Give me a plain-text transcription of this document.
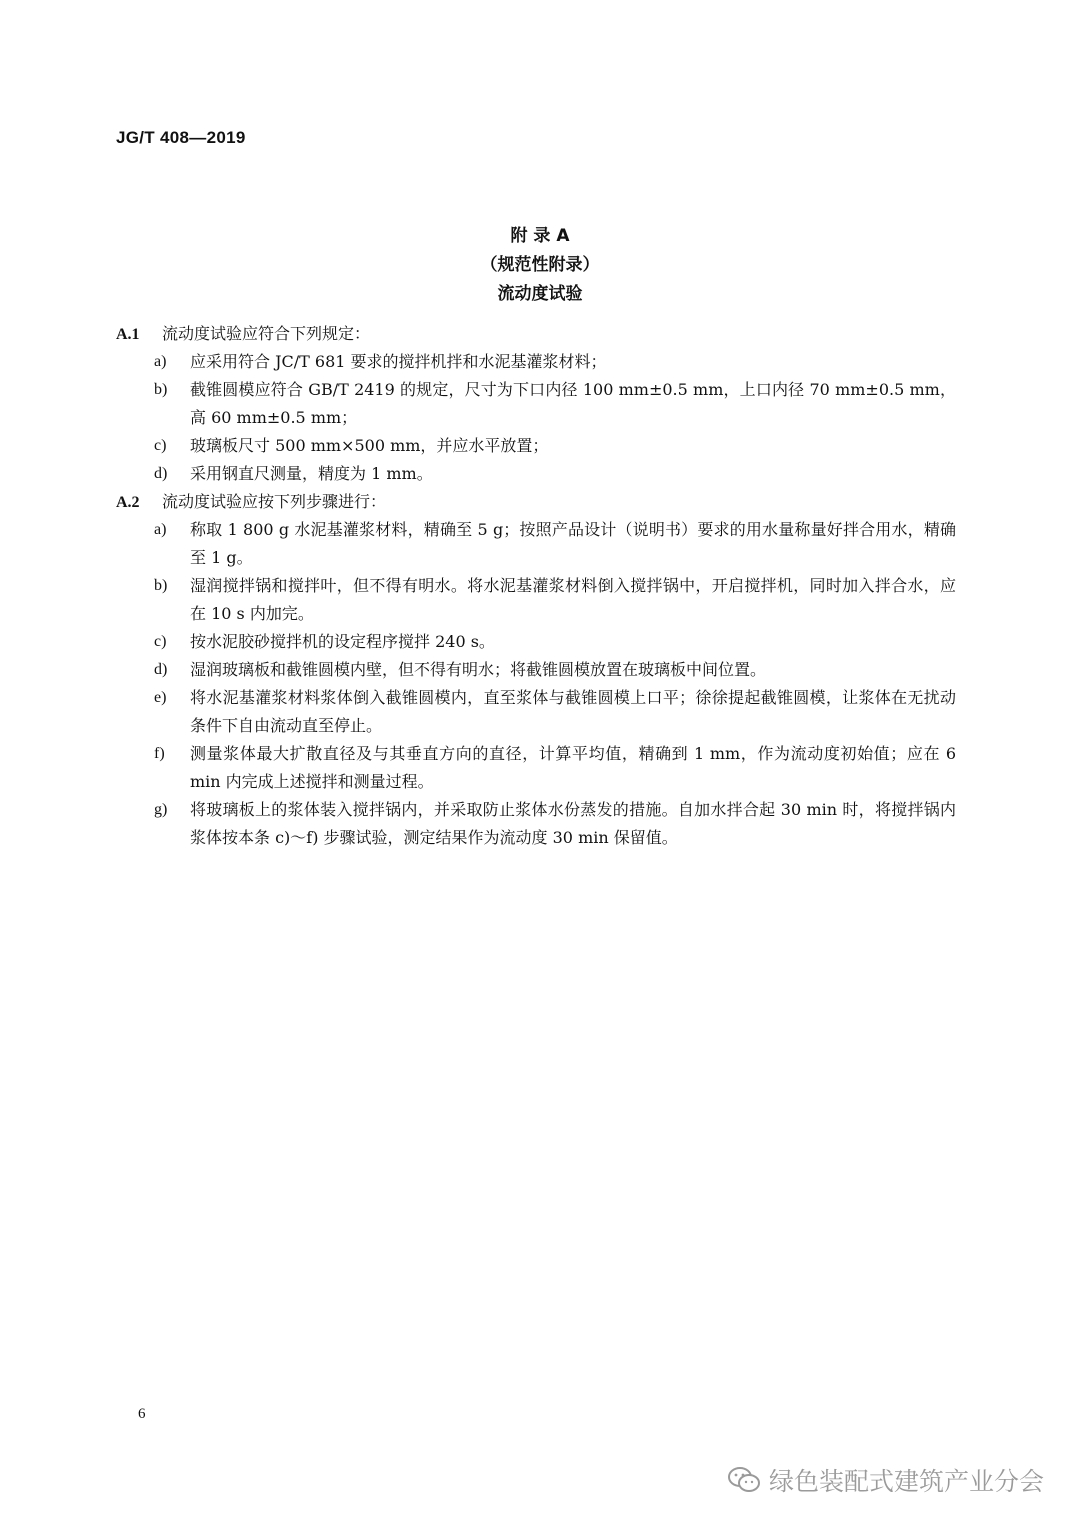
JG/T 408—2019
附 录 A
（规范性附录）
流动度试验
A.1	流动度试验应符合下列规定：
a)	应采用符合 JC/T 681 要求的搅拌机拌和水泥基灌浆材料；
b)	截锥圆模应符合 GB/T 2419 的规定，尺寸为下口内径 100 mm±0.5 mm，上口内径 70 mm±0.5 mm，高 60 mm±0.5 mm；
c)	玻璃板尺寸 500 mm×500 mm，并应水平放置；
d)	采用钢直尺测量，精度为 1 mm。
A.2	流动度试验应按下列步骤进行：
a)	称取 1 800 g 水泥基灌浆材料，精确至 5 g；按照产品设计（说明书）要求的用水量称量好拌合用水，精确至 1 g。
b)	湿润搅拌锅和搅拌叶，但不得有明水。将水泥基灌浆材料倒入搅拌锅中，开启搅拌机，同时加入拌合水，应在 10 s 内加完。
c)	按水泥胶砂搅拌机的设定程序搅拌 240 s。
d)	湿润玻璃板和截锥圆模内壁，但不得有明水；将截锥圆模放置在玻璃板中间位置。
e)	将水泥基灌浆材料浆体倒入截锥圆模内，直至浆体与截锥圆模上口平；徐徐提起截锥圆模，让浆体在无扰动条件下自由流动直至停止。
f)	测量浆体最大扩散直径及与其垂直方向的直径，计算平均值，精确到 1 mm，作为流动度初始值；应在 6 min 内完成上述搅拌和测量过程。
g)	将玻璃板上的浆体装入搅拌锅内，并采取防止浆体水份蒸发的措施。自加水拌合起 30 min 时，将搅拌锅内浆体按本条 c)～f) 步骤试验，测定结果作为流动度 30 min 保留值。
6
绿色装配式建筑产业分会
